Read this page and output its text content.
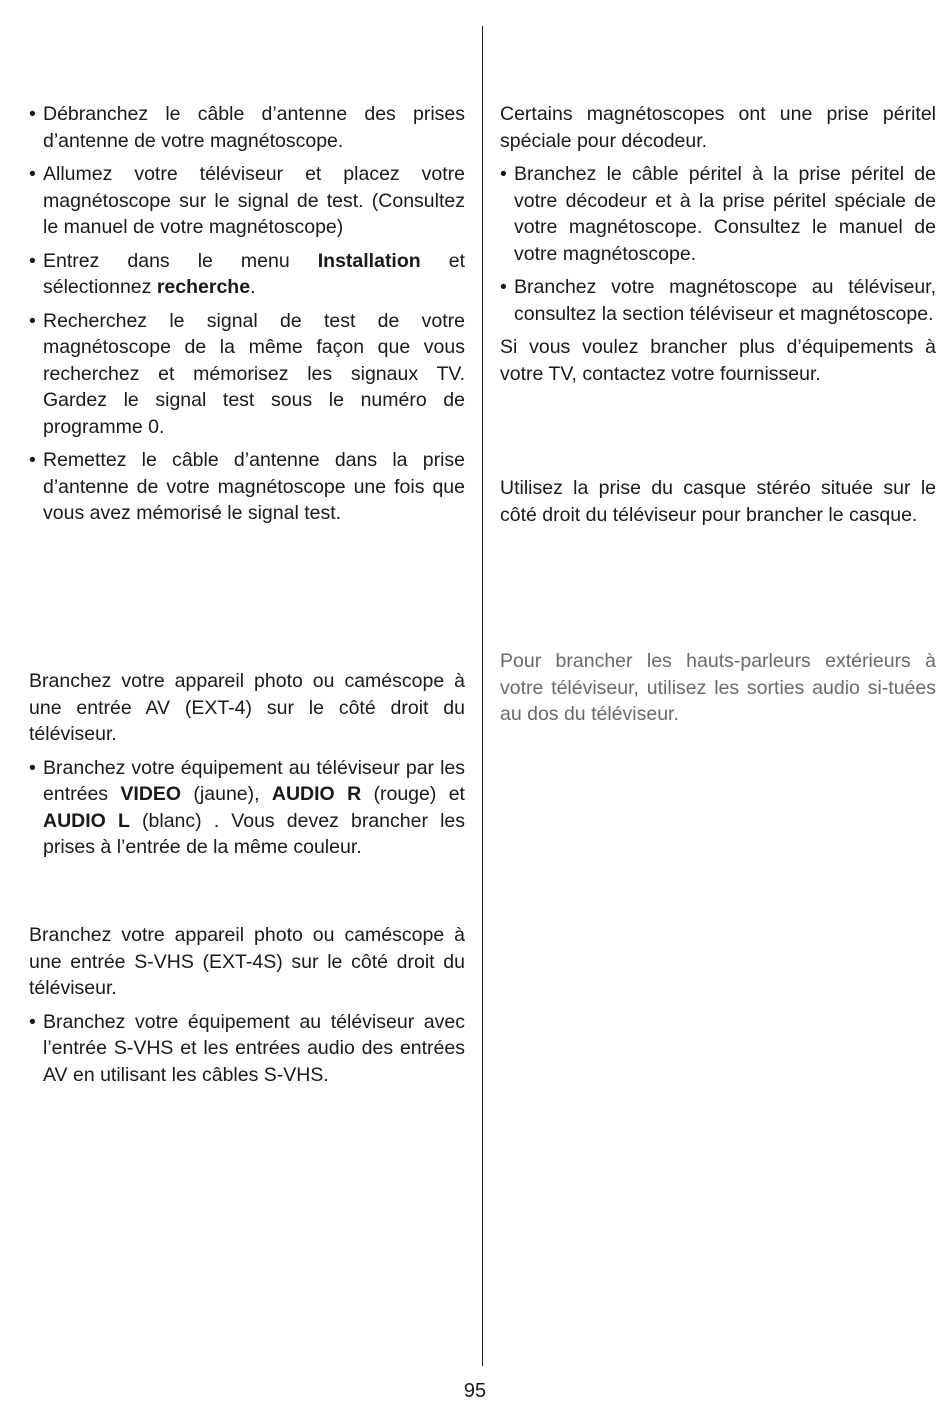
• Débranchez le câble d’antenne des prises d’antenne de votre magnétoscope.
• Allumez votre téléviseur et placez votre magnétoscope sur le signal de test. (Consultez le manuel de votre magnétoscope)
• Entrez dans le menu Installation et sélectionnez recherche.
• Recherchez le signal de test de votre magnétoscope de la même façon que vous recherchez et mémorisez les signaux TV. Gardez le signal test sous le numéro de programme 0.
• Remettez le câble d’antenne dans la prise d’antenne de votre magnétoscope une fois que vous avez mémorisé le signal test.

Branchez votre appareil photo ou caméscope à une entrée AV (EXT-4) sur le côté droit du téléviseur.

• Branchez votre équipement au téléviseur par les entrées VIDEO (jaune), AUDIO R (rouge) et AUDIO L (blanc) . Vous devez brancher les prises à l’entrée de la même couleur.

Branchez votre appareil photo ou caméscope à une entrée S-VHS (EXT-4S) sur le côté droit du téléviseur.

• Branchez votre équipement au téléviseur avec l’entrée S-VHS et les entrées audio des entrées AV en utilisant les câbles S-VHS.

Certains magnétoscopes ont une prise péritel spéciale pour décodeur.

• Branchez le câble péritel à la prise péritel de votre décodeur et à la prise péritel spéciale de votre magnétoscope. Consultez le manuel de votre magnétoscope.
• Branchez votre magnétoscope au téléviseur, consultez la section téléviseur et magnétoscope.

Si vous voulez brancher plus d’équipements à votre TV, contactez votre fournisseur.

Utilisez la prise du casque stéréo située sur le côté droit du téléviseur pour brancher le casque.

Pour brancher les hauts-parleurs extérieurs à votre téléviseur, utilisez les sorties audio si-tuées au dos du téléviseur.

95
